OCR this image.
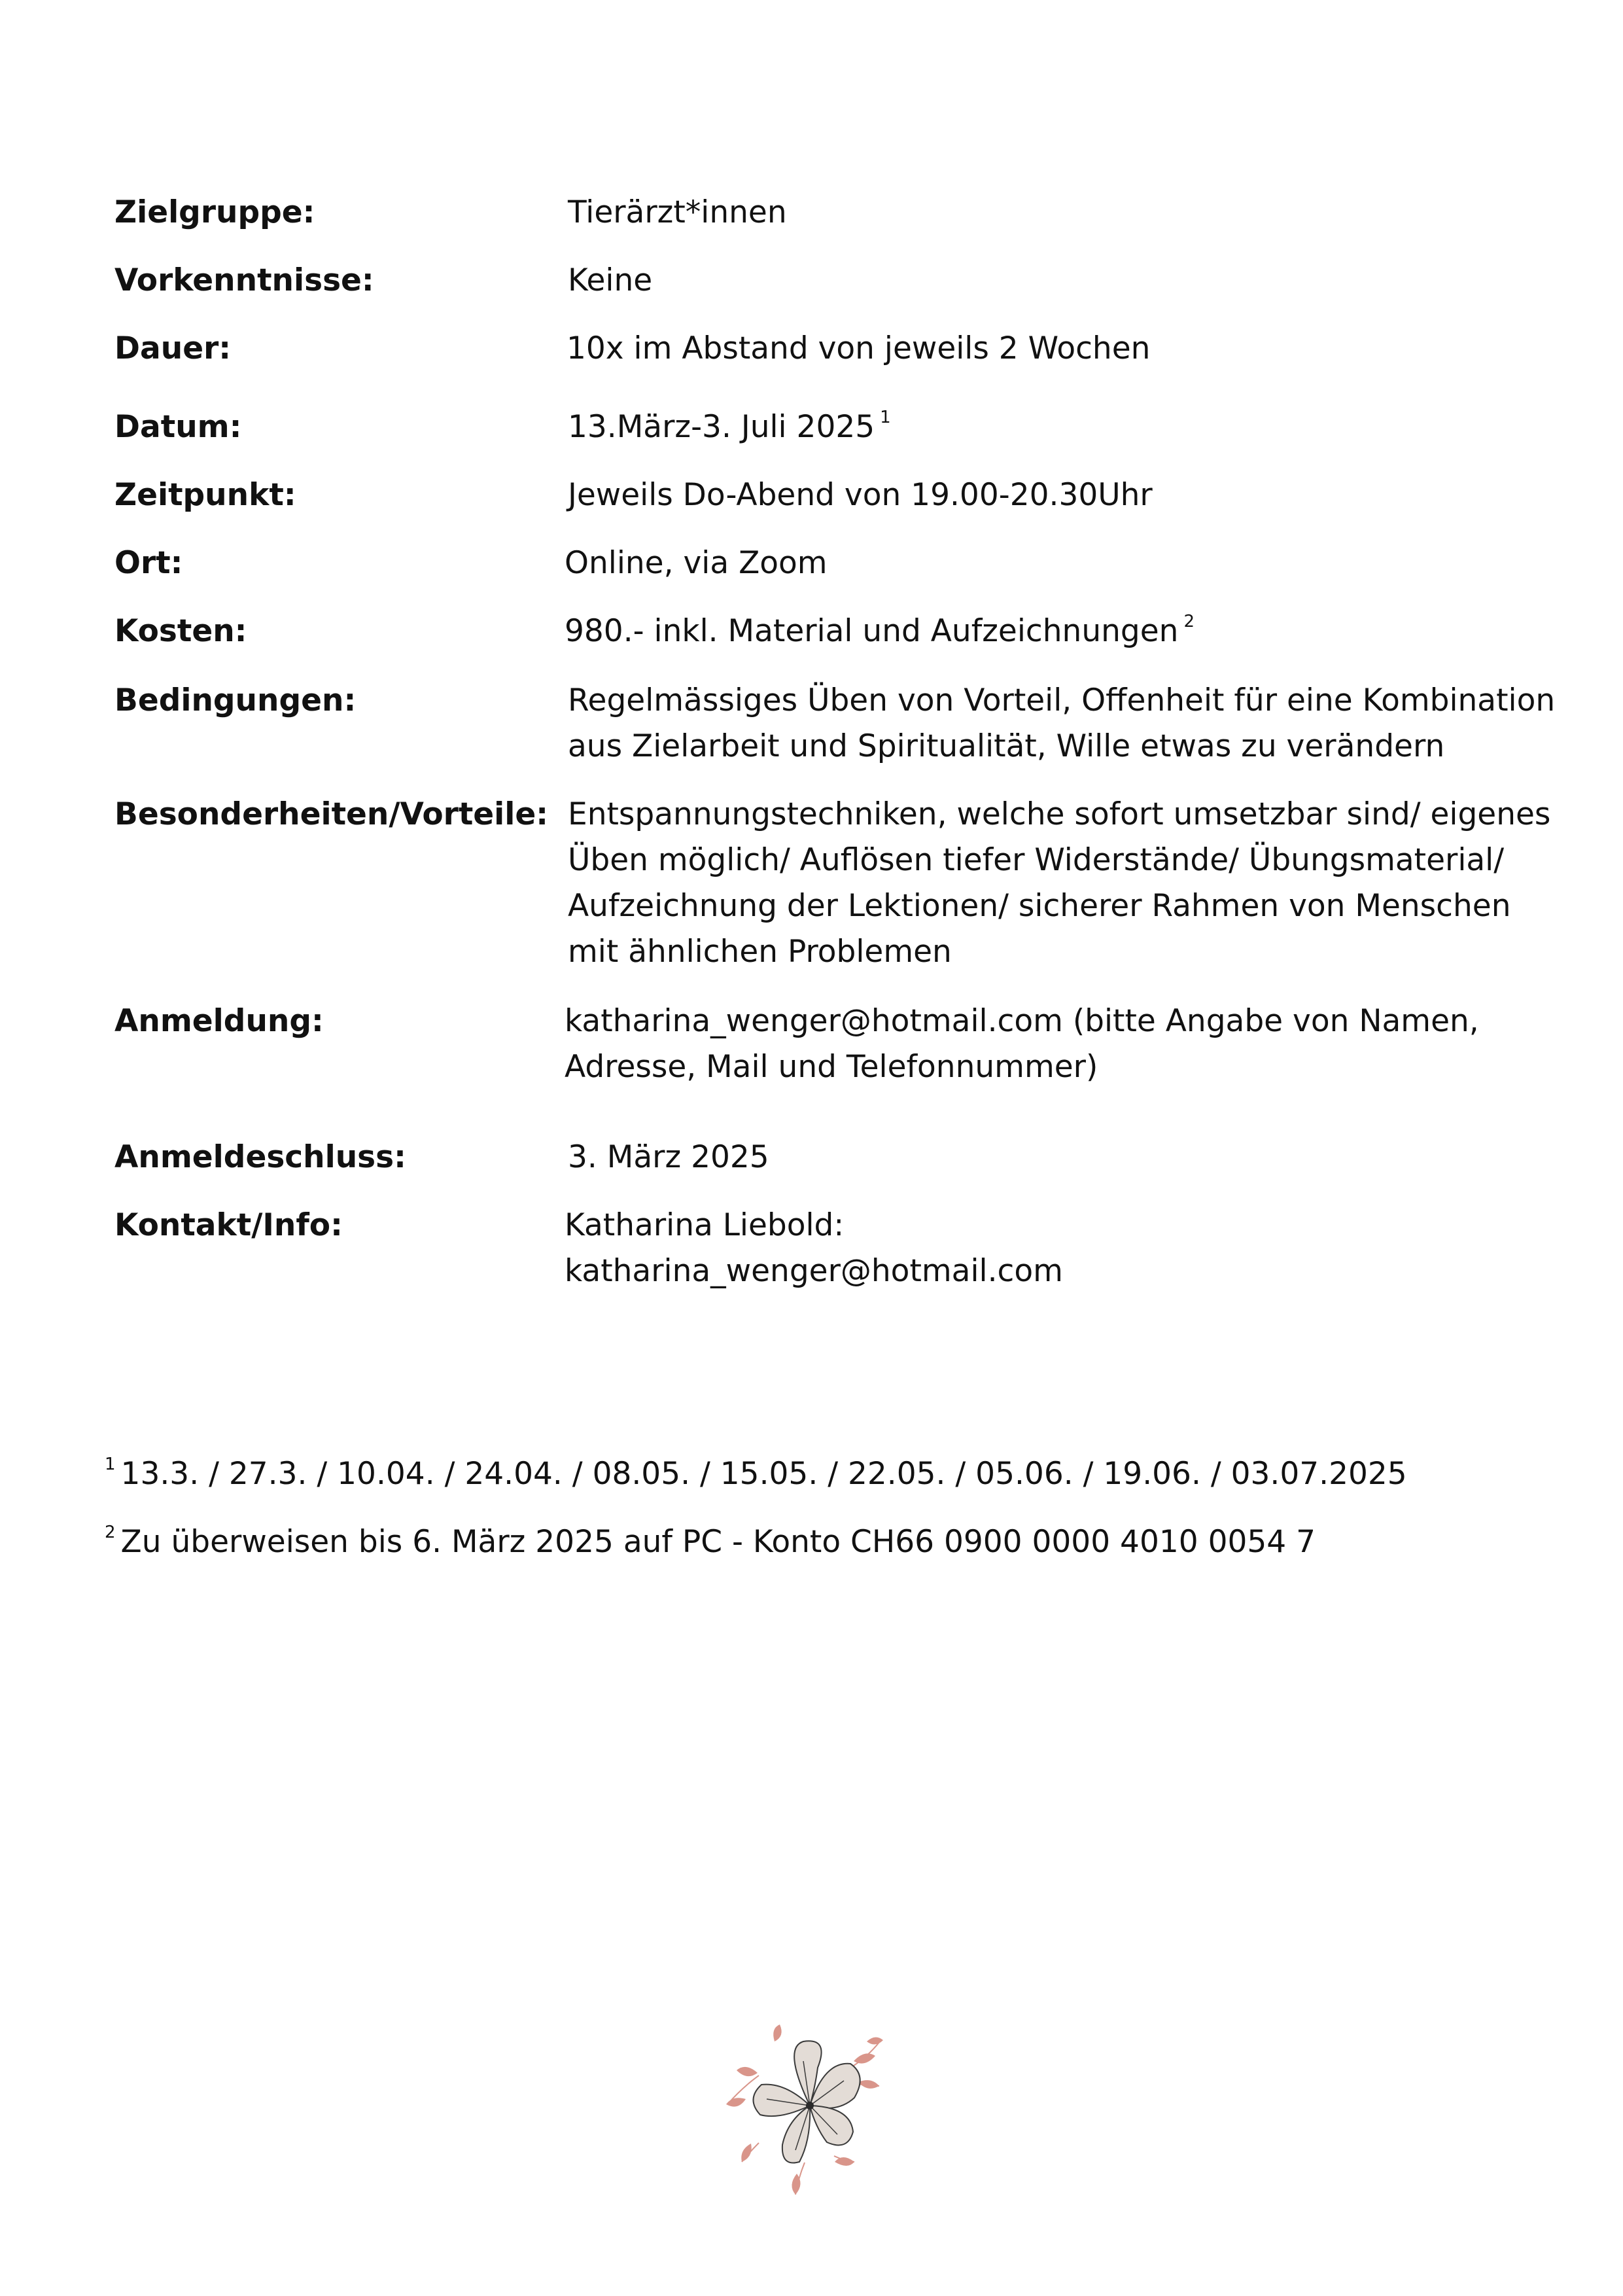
Zielgruppe:	Tierärzt*innen
Vorkenntnisse:	Keine
Dauer:	10x im Abstand von jeweils 2 Wochen
Datum:	13.März-3. Juli 2025 $^1$
Zeitpunkt:	Jeweils Do-Abend von 19.00-20.30Uhr
Ort:	Online, via Zoom
Kosten:	980.- inkl. Material und Aufzeichnungen $^2$
Bedingungen:	Regelmässiges Üben von Vorteil, Offenheit für eine Kombination
aus Zielarbeit und Spiritualität, Wille etwas zu verändern
Besonderheiten/Vorteile: Entspannungstechniken, welche sofort umsetzbar sind/ eigenes
Üben möglich/ Auflösen tiefer Widerstände/ Übungsmaterial/
Aufzeichnung der Lektionen/ sicherer Rahmen von Menschen
mit ähnlichen Problemen
Anmeldung:	katharina_wenger@hotmail.com (bitte Angabe von Namen,
Adresse, Mail und Telefonnummer)
Anmeldeschluss:	3. März 2025
Kontakt/Info:	Katharina Liebold:
katharina_wenger@hotmail.com
$^1$ 13.3. / 27.3. / 10.04. / 24.04. / 08.05. / 15.05. / 22.05. / 05.06. / 19.06. / 03.07.2025
$^2$ Zu überweisen bis 6. März 2025 auf PC - Konto CH66 0900 0000 4010 0054 7
